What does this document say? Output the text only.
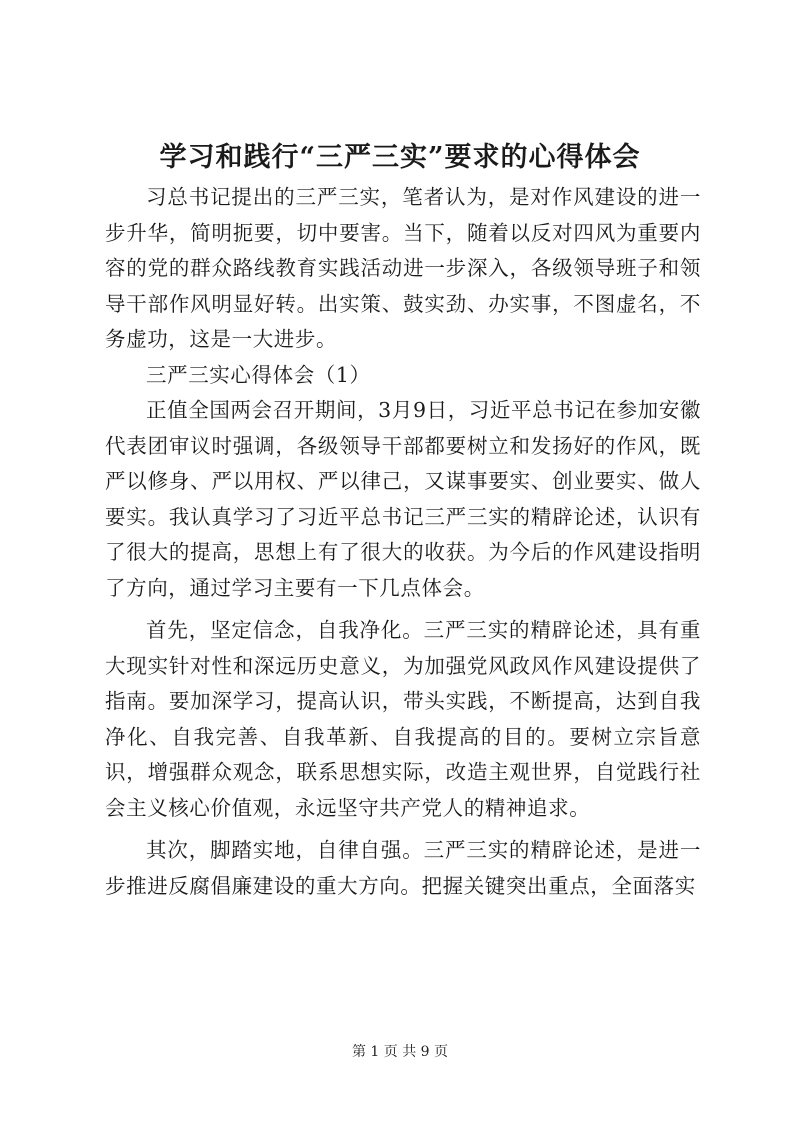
学习和践行“三严三实”要求的心得体会

习总书记提出的三严三实，笔者认为，是对作风建设的进一步升华，简明扼要，切中要害。当下，随着以反对四风为重要内容的党的群众路线教育实践活动进一步深入，各级领导班子和领导干部作风明显好转。出实策、鼓实劲、办实事，不图虚名，不务虚功，这是一大进步。

三严三实心得体会（1）

正值全国两会召开期间，3月9日，习近平总书记在参加安徽代表团审议时强调，各级领导干部都要树立和发扬好的作风，既严以修身、严以用权、严以律己，又谋事要实、创业要实、做人要实。我认真学习了习近平总书记三严三实的精辟论述，认识有了很大的提高，思想上有了很大的收获。为今后的作风建设指明了方向，通过学习主要有一下几点体会。

首先，坚定信念，自我净化。三严三实的精辟论述，具有重大现实针对性和深远历史意义，为加强党风政风作风建设提供了指南。要加深学习，提高认识，带头实践，不断提高，达到自我净化、自我完善、自我革新、自我提高的目的。要树立宗旨意识，增强群众观念，联系思想实际，改造主观世界，自觉践行社会主义核心价值观，永远坚守共产党人的精神追求。

其次，脚踏实地，自律自强。三严三实的精辟论述，是进一步推进反腐倡廉建设的重大方向。把握关键突出重点，全面落实

第 1 页 共 9 页
